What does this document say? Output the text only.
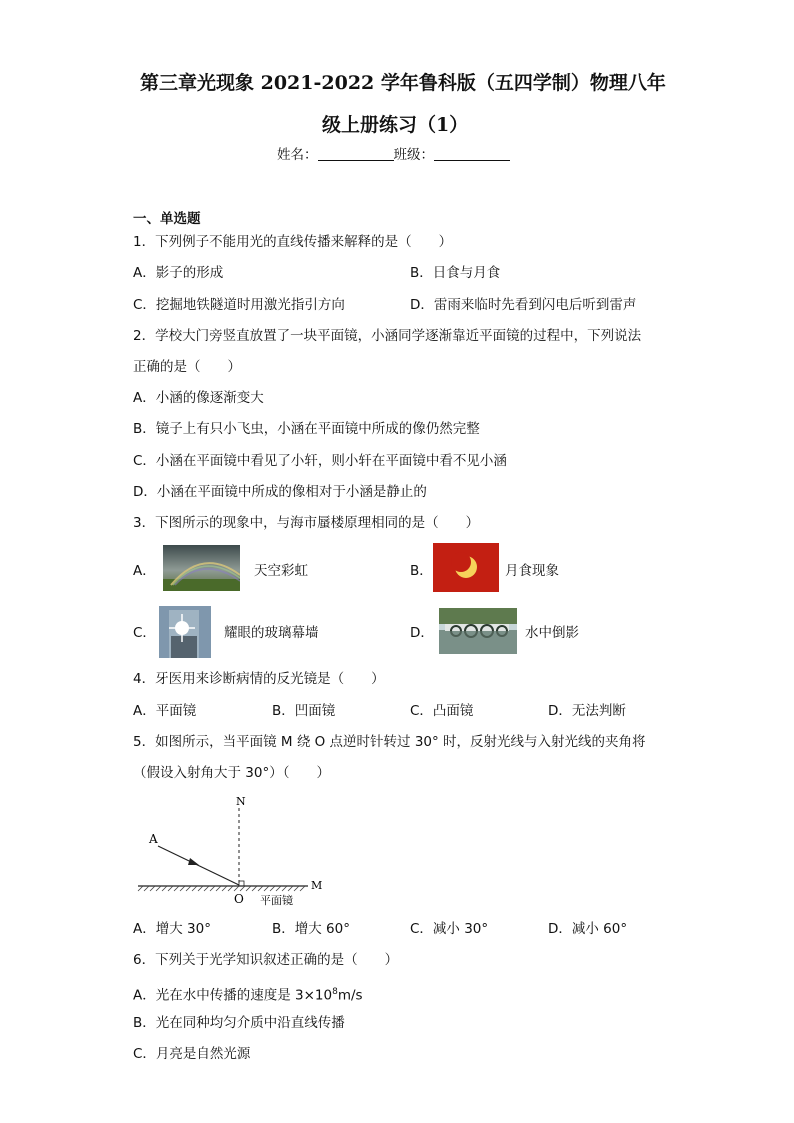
第三章光现象 2021-2022 学年鲁科版（五四学制）物理八年
级上册练习（1）
姓名：	班级：
一、单选题
1．下列例子不能用光的直线传播来解释的是（　　）
A．影子的形成	B．日食与月食
C．挖掘地铁隧道时用激光指引方向	D．雷雨来临时先看到闪电后听到雷声
2．学校大门旁竖直放置了一块平面镜，小涵同学逐渐靠近平面镜的过程中，下列说法
正确的是（　　）
A．小涵的像逐渐变大
B．镜子上有只小飞虫，小涵在平面镜中所成的像仍然完整
C．小涵在平面镜中看见了小轩，则小轩在平面镜中看不见小涵
D．小涵在平面镜中所成的像相对于小涵是静止的
3．下图所示的现象中，与海市蜃楼原理相同的是（　　）
A．	天空彩虹	B．	月食现象
C．	耀眼的玻璃幕墙	D．	水中倒影
4．牙医用来诊断病情的反光镜是（　　）
A．平面镜	B．凹面镜	C．凸面镜	D．无法判断
5．如图所示，当平面镜 M 绕 O 点逆时针转过 30° 时，反射光线与入射光线的夹角将
（假设入射角大于 30°）（　　）
N
A
O
M
平面镜
A．增大 30°	B．增大 60°	C．减小 30°	D．减小 60°
6．下列关于光学知识叙述正确的是（　　）
A．光在水中传播的速度是 $3\times 10^8m/s$
B．光在同种均匀介质中沿直线传播
C．月亮是自然光源
